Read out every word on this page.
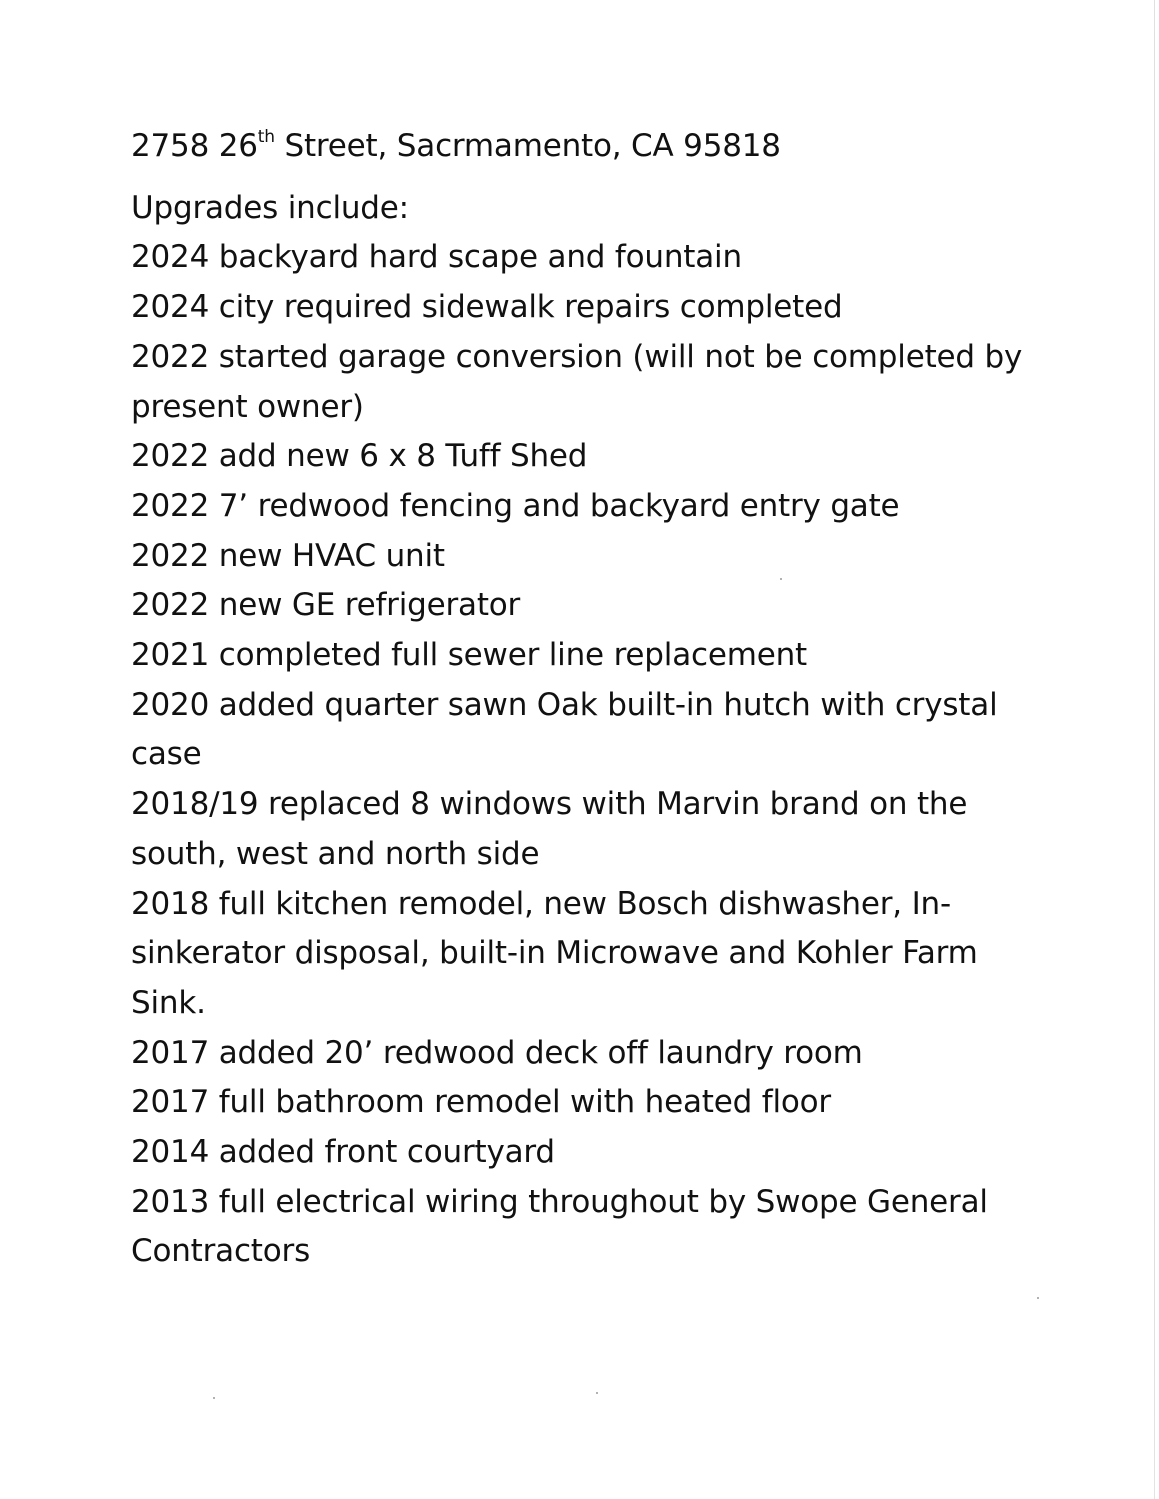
2758 26th Street, Sacrmamento, CA 95818

Upgrades include:

2024 backyard hard scape and fountain
2024 city required sidewalk repairs completed
2022 started garage conversion (will not be completed by present owner)
2022 add new 6 x 8 Tuff Shed
2022 7’ redwood fencing and backyard entry gate
2022 new HVAC unit
2022 new GE refrigerator
2021 completed full sewer line replacement
2020 added quarter sawn Oak built-in hutch with crystal case
2018/19 replaced 8 windows with Marvin brand on the south, west and north side
2018 full kitchen remodel, new Bosch dishwasher, In-sinkerator disposal, built-in Microwave and Kohler Farm Sink.
2017 added 20’ redwood deck off laundry room
2017 full bathroom remodel with heated floor
2014 added front courtyard
2013 full electrical wiring throughout by Swope General Contractors
